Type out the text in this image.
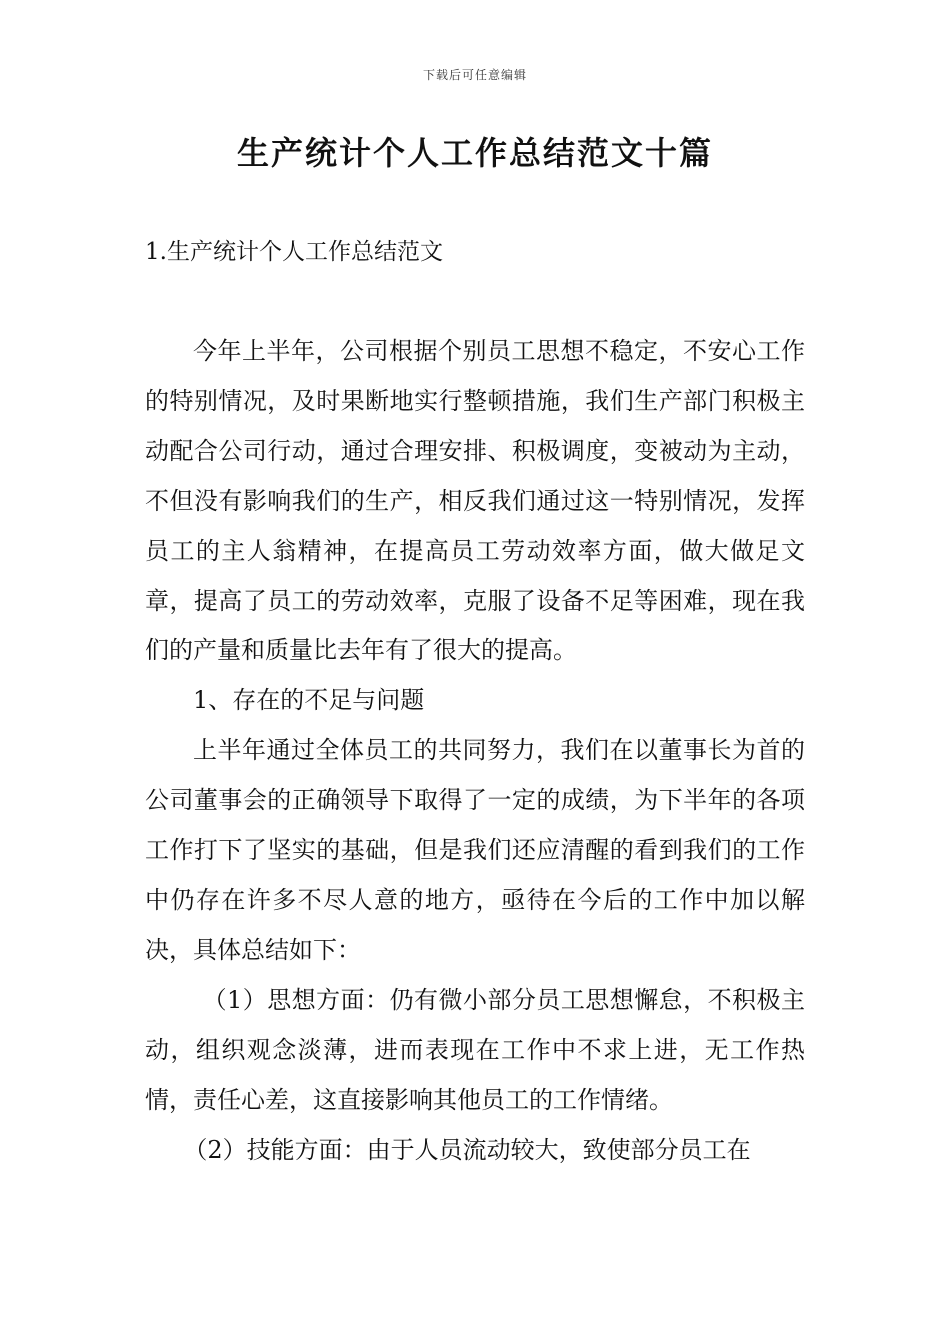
下载后可任意编辑
生产统计个人工作总结范文十篇
1.生产统计个人工作总结范文

今年上半年，公司根据个别员工思想不稳定，不安心工作的特别情况，及时果断地实行整顿措施，我们生产部门积极主动配合公司行动，通过合理安排、积极调度，变被动为主动，不但没有影响我们的生产，相反我们通过这一特别情况，发挥员工的主人翁精神，在提高员工劳动效率方面，做大做足文章，提高了员工的劳动效率，克服了设备不足等困难，现在我们的产量和质量比去年有了很大的提高。

1、存在的不足与问题

上半年通过全体员工的共同努力，我们在以董事长为首的公司董事会的正确领导下取得了一定的成绩，为下半年的各项工作打下了坚实的基础，但是我们还应清醒的看到我们的工作中仍存在许多不尽人意的地方，亟待在今后的工作中加以解决，具体总结如下：

（1）思想方面：仍有微小部分员工思想懈怠，不积极主动，组织观念淡薄，进而表现在工作中不求上进，无工作热情，责任心差，这直接影响其他员工的工作情绪。

（2）技能方面：由于人员流动较大，致使部分员工在
